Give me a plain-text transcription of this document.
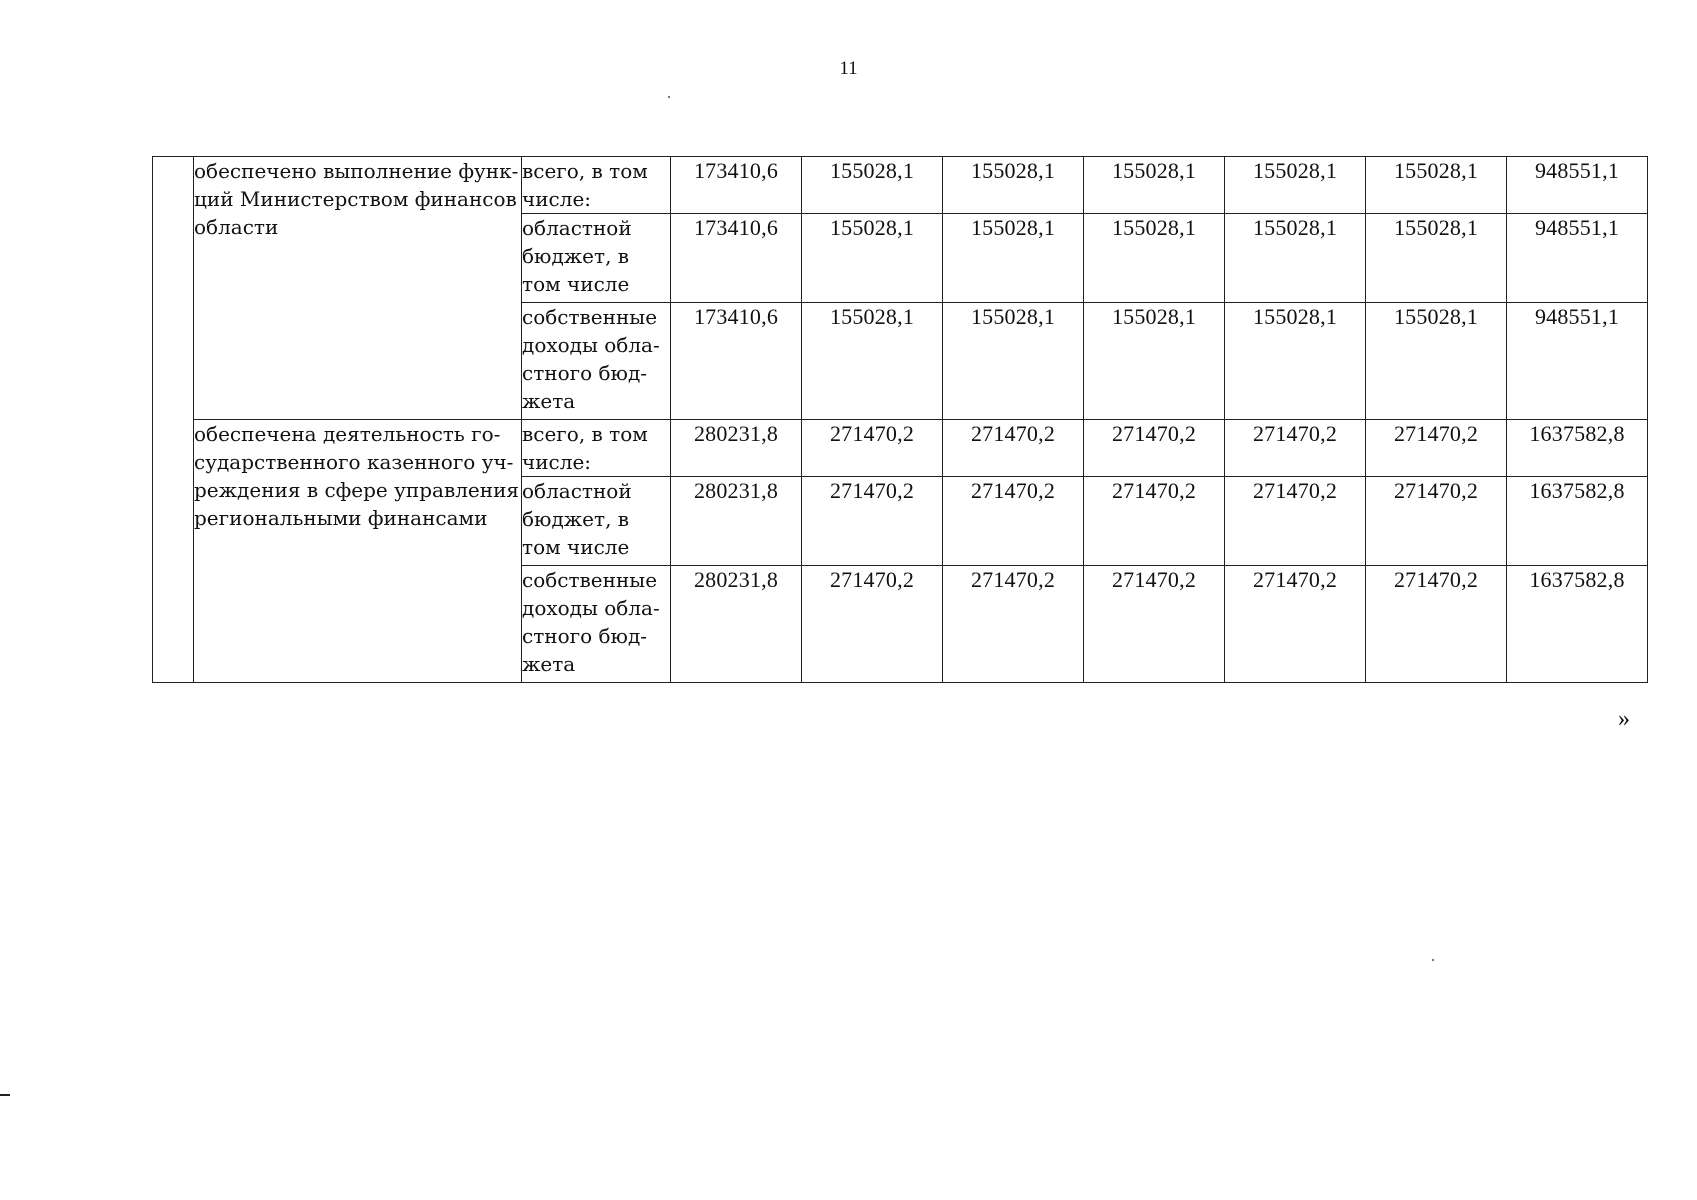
11
	обеспечено выполнение функ-ций Министерством финансов области	всего, в том числе:	173410,6	155028,1	155028,1	155028,1	155028,1	155028,1	948551,1
		областной бюджет, в том числе	173410,6	155028,1	155028,1	155028,1	155028,1	155028,1	948551,1
		собственные доходы обла-стного бюд-жета	173410,6	155028,1	155028,1	155028,1	155028,1	155028,1	948551,1
	обеспечена деятельность го-сударственного казенного уч-реждения в сфере управления региональными финансами	всего, в том числе:	280231,8	271470,2	271470,2	271470,2	271470,2	271470,2	1637582,8
		областной бюджет, в том числе	280231,8	271470,2	271470,2	271470,2	271470,2	271470,2	1637582,8
		собственные доходы обла-стного бюд-жета	280231,8	271470,2	271470,2	271470,2	271470,2	271470,2	1637582,8
»
